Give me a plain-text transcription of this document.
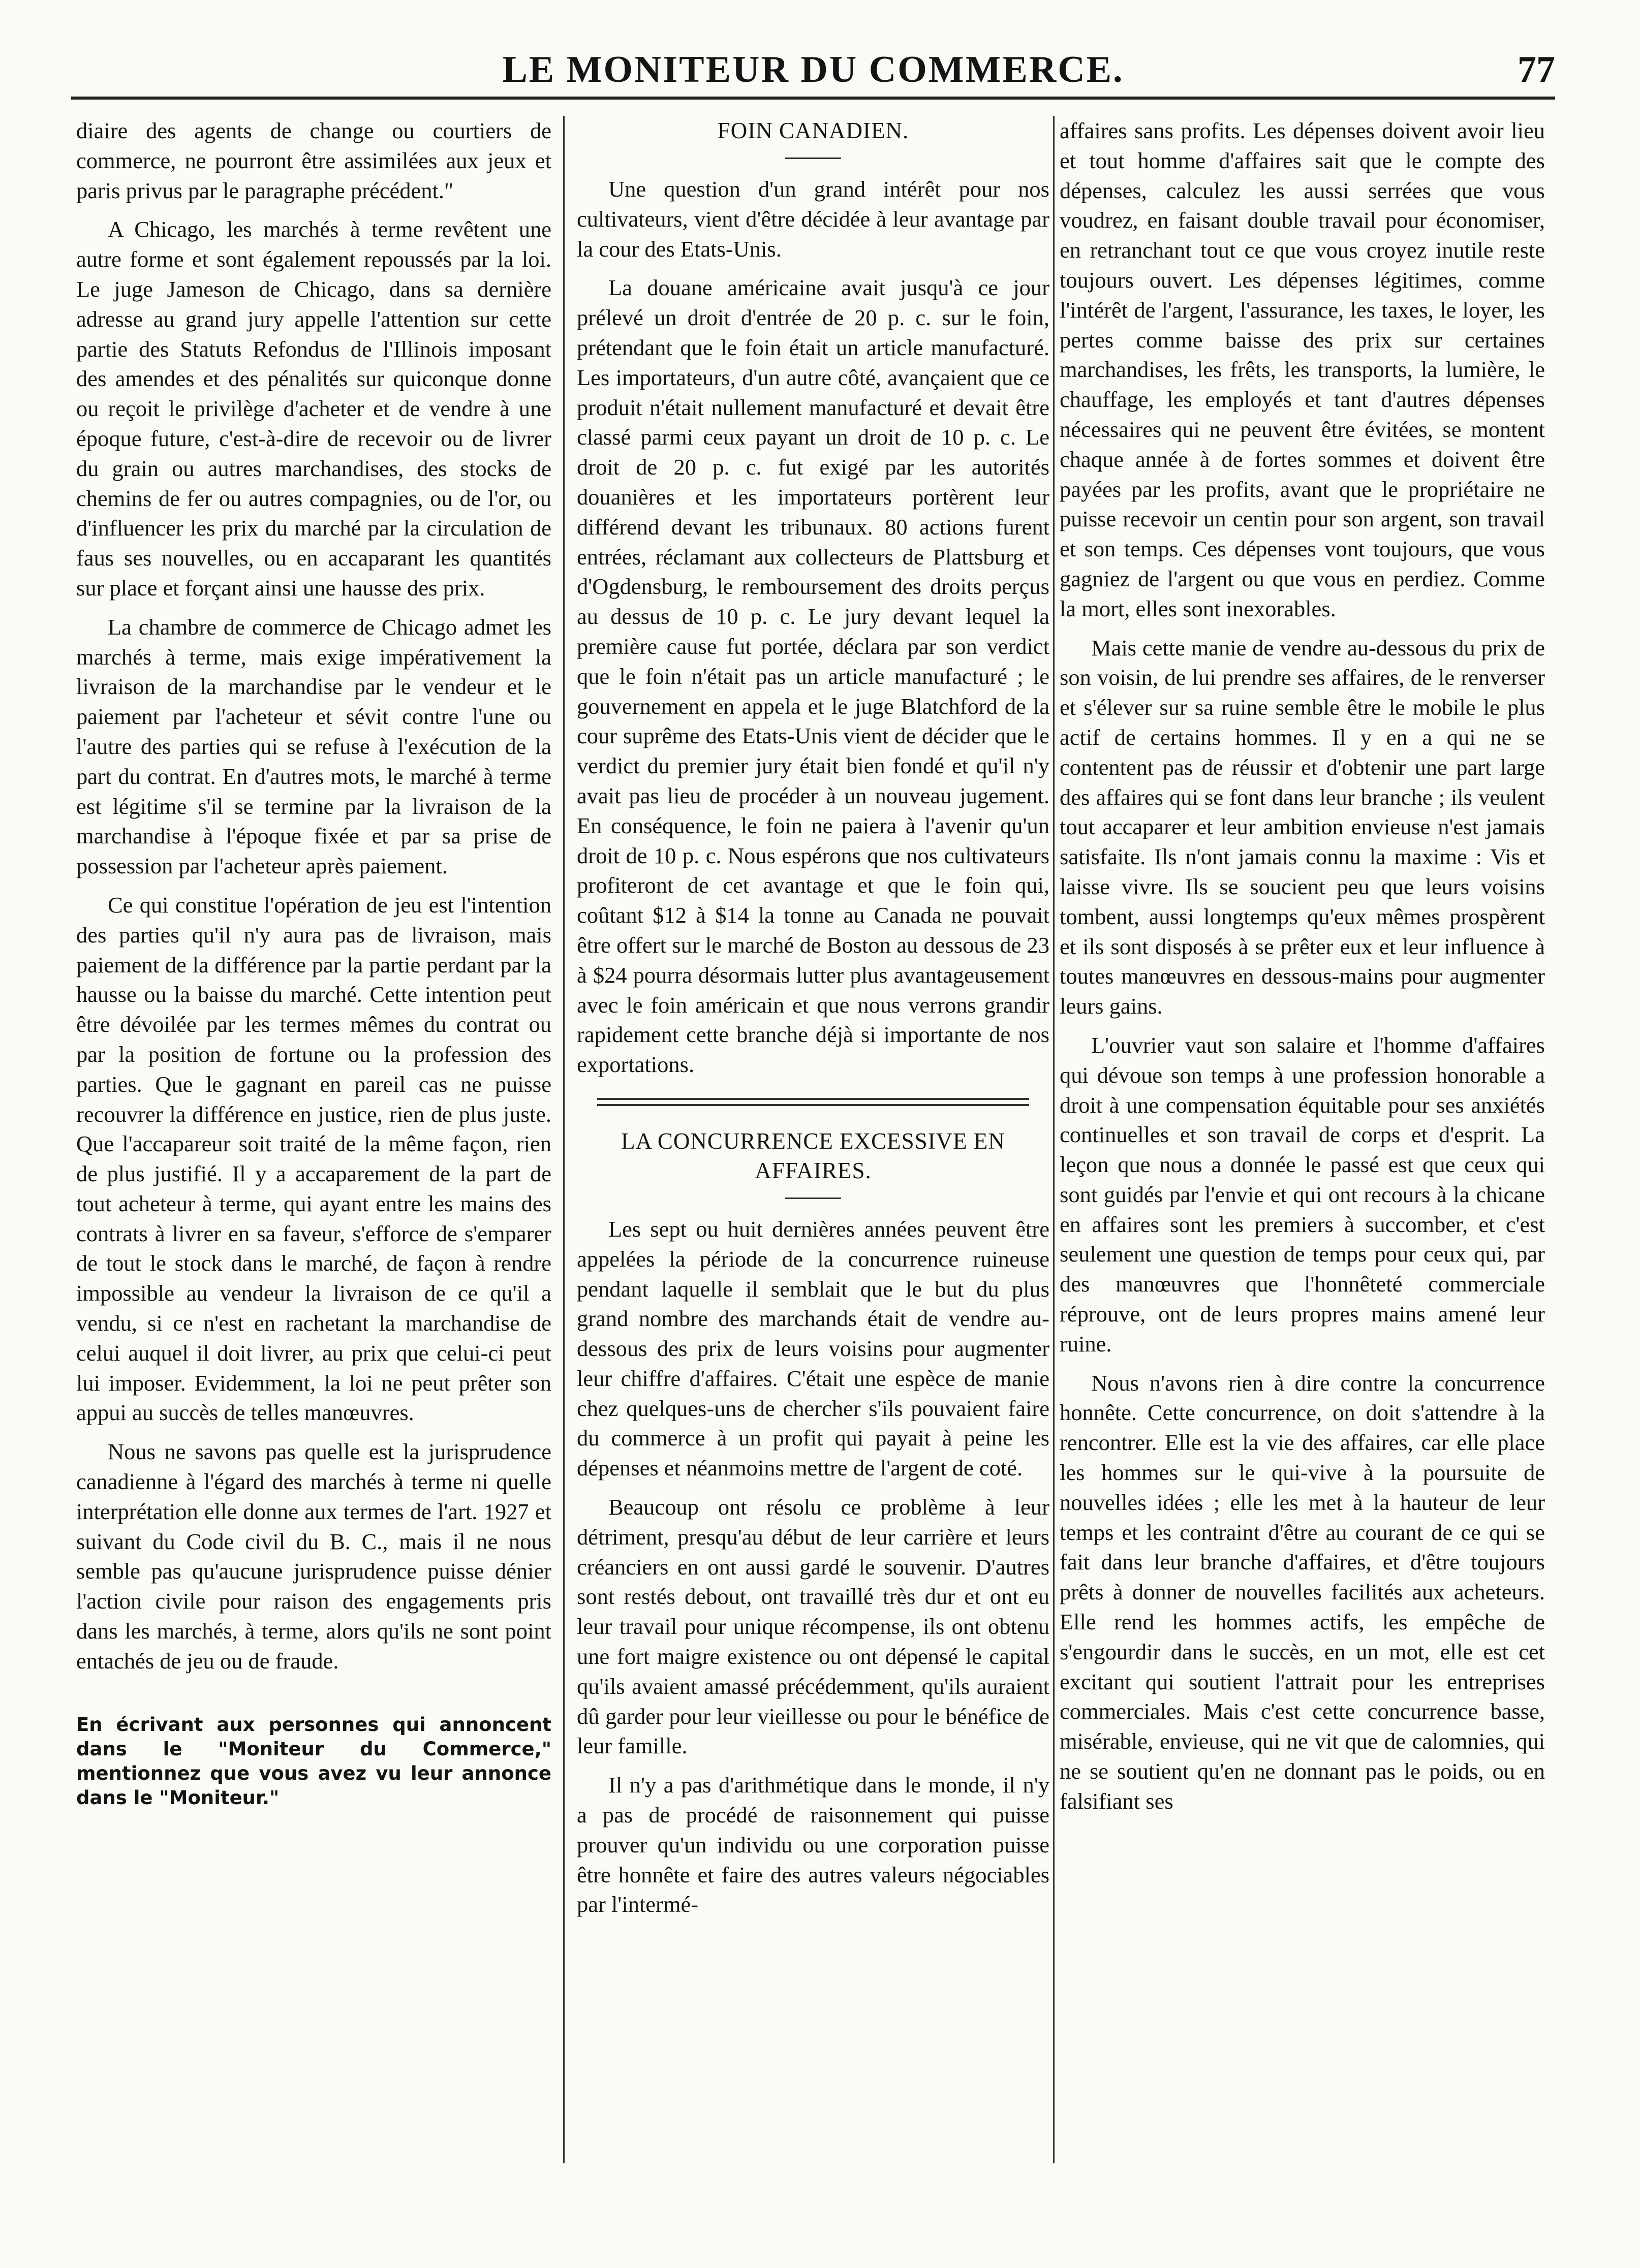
LE MONITEUR DU COMMERCE.	77

diaire des agents de change ou courtiers de commerce, ne pourront être assimilées aux jeux et paris privus par le paragraphe précédent."

A Chicago, les marchés à terme revêtent une autre forme et sont également repoussés par la loi. Le juge Jameson de Chicago, dans sa dernière adresse au grand jury appelle l'attention sur cette partie des Statuts Refondus de l'Illinois imposant des amendes et des pénalités sur quiconque donne ou reçoit le privilège d'acheter et de vendre à une époque future, c'est-à-dire de recevoir ou de livrer du grain ou autres marchandises, des stocks de chemins de fer ou autres compagnies, ou de l'or, ou d'influencer les prix du marché par la circulation de faus ses nouvelles, ou en accaparant les quantités sur place et forçant ainsi une hausse des prix.

La chambre de commerce de Chicago admet les marchés à terme, mais exige impérativement la livraison de la marchandise par le vendeur et le paiement par l'acheteur et sévit contre l'une ou l'autre des parties qui se refuse à l'exécution de la part du contrat. En d'autres mots, le marché à terme est légitime s'il se termine par la livraison de la marchandise à l'époque fixée et par sa prise de possession par l'acheteur après paiement.

Ce qui constitue l'opération de jeu est l'intention des parties qu'il n'y aura pas de livraison, mais paiement de la différence par la partie perdant par la hausse ou la baisse du marché. Cette intention peut être dévoilée par les termes mêmes du contrat ou par la position de fortune ou la profession des parties. Que le gagnant en pareil cas ne puisse recouvrer la différence en justice, rien de plus juste. Que l'accapareur soit traité de la même façon, rien de plus justifié. Il y a accaparement de la part de tout acheteur à terme, qui ayant entre les mains des contrats à livrer en sa faveur, s'efforce de s'emparer de tout le stock dans le marché, de façon à rendre impossible au vendeur la livraison de ce qu'il a vendu, si ce n'est en rachetant la marchandise de celui auquel il doit livrer, au prix que celui-ci peut lui imposer. Evidemment, la loi ne peut prêter son appui au succès de telles manœuvres.

Nous ne savons pas quelle est la jurisprudence canadienne à l'égard des marchés à terme ni quelle interprétation elle donne aux termes de l'art. 1927 et suivant du Code civil du B. C., mais il ne nous semble pas qu'aucune jurisprudence puisse dénier l'action civile pour raison des engagements pris dans les marchés, à terme, alors qu'ils ne sont point entachés de jeu ou de fraude.

En écrivant aux personnes qui annoncent dans le "Moniteur du Commerce," mentionnez que vous avez vu leur annonce dans le "Moniteur."
FOIN CANADIEN.

Une question d'un grand intérêt pour nos cultivateurs, vient d'être décidée à leur avantage par la cour des Etats-Unis.

La douane américaine avait jusqu'à ce jour prélevé un droit d'entrée de 20 p. c. sur le foin, prétendant que le foin était un article manufacturé. Les importateurs, d'un autre côté, avançaient que ce produit n'était nullement manufacturé et devait être classé parmi ceux payant un droit de 10 p. c. Le droit de 20 p. c. fut exigé par les autorités douanières et les importateurs portèrent leur différend devant les tribunaux. 80 actions furent entrées, réclamant aux collecteurs de Plattsburg et d'Ogdensburg, le remboursement des droits perçus au dessus de 10 p. c. Le jury devant lequel la première cause fut portée, déclara par son verdict que le foin n'était pas un article manufacturé ; le gouvernement en appela et le juge Blatchford de la cour suprême des Etats-Unis vient de décider que le verdict du premier jury était bien fondé et qu'il n'y avait pas lieu de procéder à un nouveau jugement. En conséquence, le foin ne paiera à l'avenir qu'un droit de 10 p. c. Nous espérons que nos cultivateurs profiteront de cet avantage et que le foin qui, coûtant $12 à $14 la tonne au Canada ne pouvait être offert sur le marché de Boston au dessous de 23 à $24 pourra désormais lutter plus avantageusement avec le foin américain et que nous verrons grandir rapidement cette branche déjà si importante de nos exportations.

LA CONCURRENCE EXCESSIVE EN AFFAIRES.

Les sept ou huit dernières années peuvent être appelées la période de la concurrence ruineuse pendant laquelle il semblait que le but du plus grand nombre des marchands était de vendre au-dessous des prix de leurs voisins pour augmenter leur chiffre d'affaires. C'était une espèce de manie chez quelques-uns de chercher s'ils pouvaient faire du commerce à un profit qui payait à peine les dépenses et néanmoins mettre de l'argent de coté.

Beaucoup ont résolu ce problème à leur détriment, presqu'au début de leur carrière et leurs créanciers en ont aussi gardé le souvenir. D'autres sont restés debout, ont travaillé très dur et ont eu leur travail pour unique récompense, ils ont obtenu une fort maigre existence ou ont dépensé le capital qu'ils avaient amassé précédemment, qu'ils auraient dû garder pour leur vieillesse ou pour le bénéfice de leur famille.

Il n'y a pas d'arithmétique dans le monde, il n'y a pas de procédé de raisonnement qui puisse prouver qu'un individu ou une corporation puisse être honnête et faire des autres valeurs négociables par l'intermé-

affaires sans profits. Les dépenses doivent avoir lieu et tout homme d'affaires sait que le compte des dépenses, calculez les aussi serrées que vous voudrez, en faisant double travail pour économiser, en retranchant tout ce que vous croyez inutile reste toujours ouvert. Les dépenses légitimes, comme l'intérêt de l'argent, l'assurance, les taxes, le loyer, les pertes comme baisse des prix sur certaines marchandises, les frêts, les transports, la lumière, le chauffage, les employés et tant d'autres dépenses nécessaires qui ne peuvent être évitées, se montent chaque année à de fortes sommes et doivent être payées par les profits, avant que le propriétaire ne puisse recevoir un centin pour son argent, son travail et son temps. Ces dépenses vont toujours, que vous gagniez de l'argent ou que vous en perdiez. Comme la mort, elles sont inexorables.

Mais cette manie de vendre au-dessous du prix de son voisin, de lui prendre ses affaires, de le renverser et s'élever sur sa ruine semble être le mobile le plus actif de certains hommes. Il y en a qui ne se contentent pas de réussir et d'obtenir une part large des affaires qui se font dans leur branche ; ils veulent tout accaparer et leur ambition envieuse n'est jamais satisfaite. Ils n'ont jamais connu la maxime : Vis et laisse vivre. Ils se soucient peu que leurs voisins tombent, aussi longtemps qu'eux mêmes prospèrent et ils sont disposés à se prêter eux et leur influence à toutes manœuvres en dessous-mains pour augmenter leurs gains.

L'ouvrier vaut son salaire et l'homme d'affaires qui dévoue son temps à une profession honorable a droit à une compensation équitable pour ses anxiétés continuelles et son travail de corps et d'esprit. La leçon que nous a donnée le passé est que ceux qui sont guidés par l'envie et qui ont recours à la chicane en affaires sont les premiers à succomber, et c'est seulement une question de temps pour ceux qui, par des manœuvres que l'honnêteté commerciale réprouve, ont de leurs propres mains amené leur ruine.

Nous n'avons rien à dire contre la concurrence honnête. Cette concurrence, on doit s'attendre à la rencontrer. Elle est la vie des affaires, car elle place les hommes sur le qui-vive à la poursuite de nouvelles idées ; elle les met à la hauteur de leur temps et les contraint d'être au courant de ce qui se fait dans leur branche d'affaires, et d'être toujours prêts à donner de nouvelles facilités aux acheteurs. Elle rend les hommes actifs, les empêche de s'engourdir dans le succès, en un mot, elle est cet excitant qui soutient l'attrait pour les entreprises commerciales. Mais c'est cette concurrence basse, misérable, envieuse, qui ne vit que de calomnies, qui ne se soutient qu'en ne donnant pas le poids, ou en falsifiant ses
